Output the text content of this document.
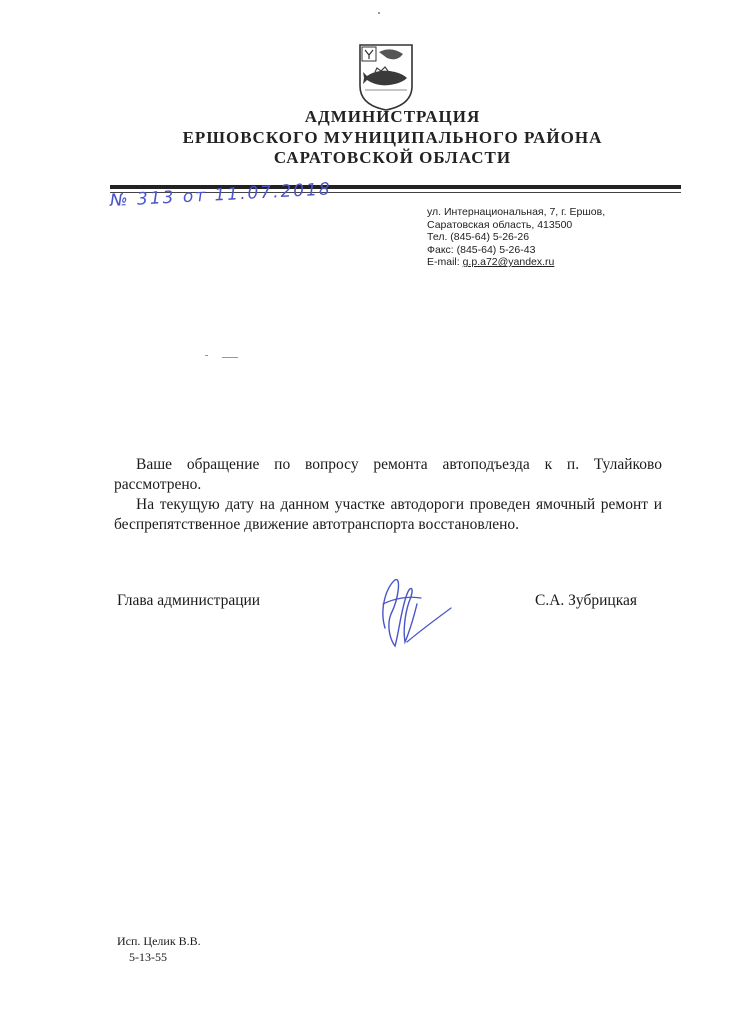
АДМИНИСТРАЦИЯ
ЕРШОВСКОГО МУНИЦИПАЛЬНОГО РАЙОНА
САРАТОВСКОЙ ОБЛАСТИ
№ 313 от 11.07.2018
ул. Интернациональная, 7, г. Ершов,
Саратовская область, 413500
Тел. (845-64) 5-26-26
Факс: (845-64) 5-26-43
E-mail: g.p.a72@yandex.ru

Ваше обращение по вопросу ремонта автоподъезда к п. Тулайково рассмотрено.

На текущую дату на данном участке автодороги проведен ямочный ремонт и беспрепятственное движение автотранспорта восстановлено.

Глава администрации	С.А. Зубрицкая
Исп. Целик В.В.
5-13-55
